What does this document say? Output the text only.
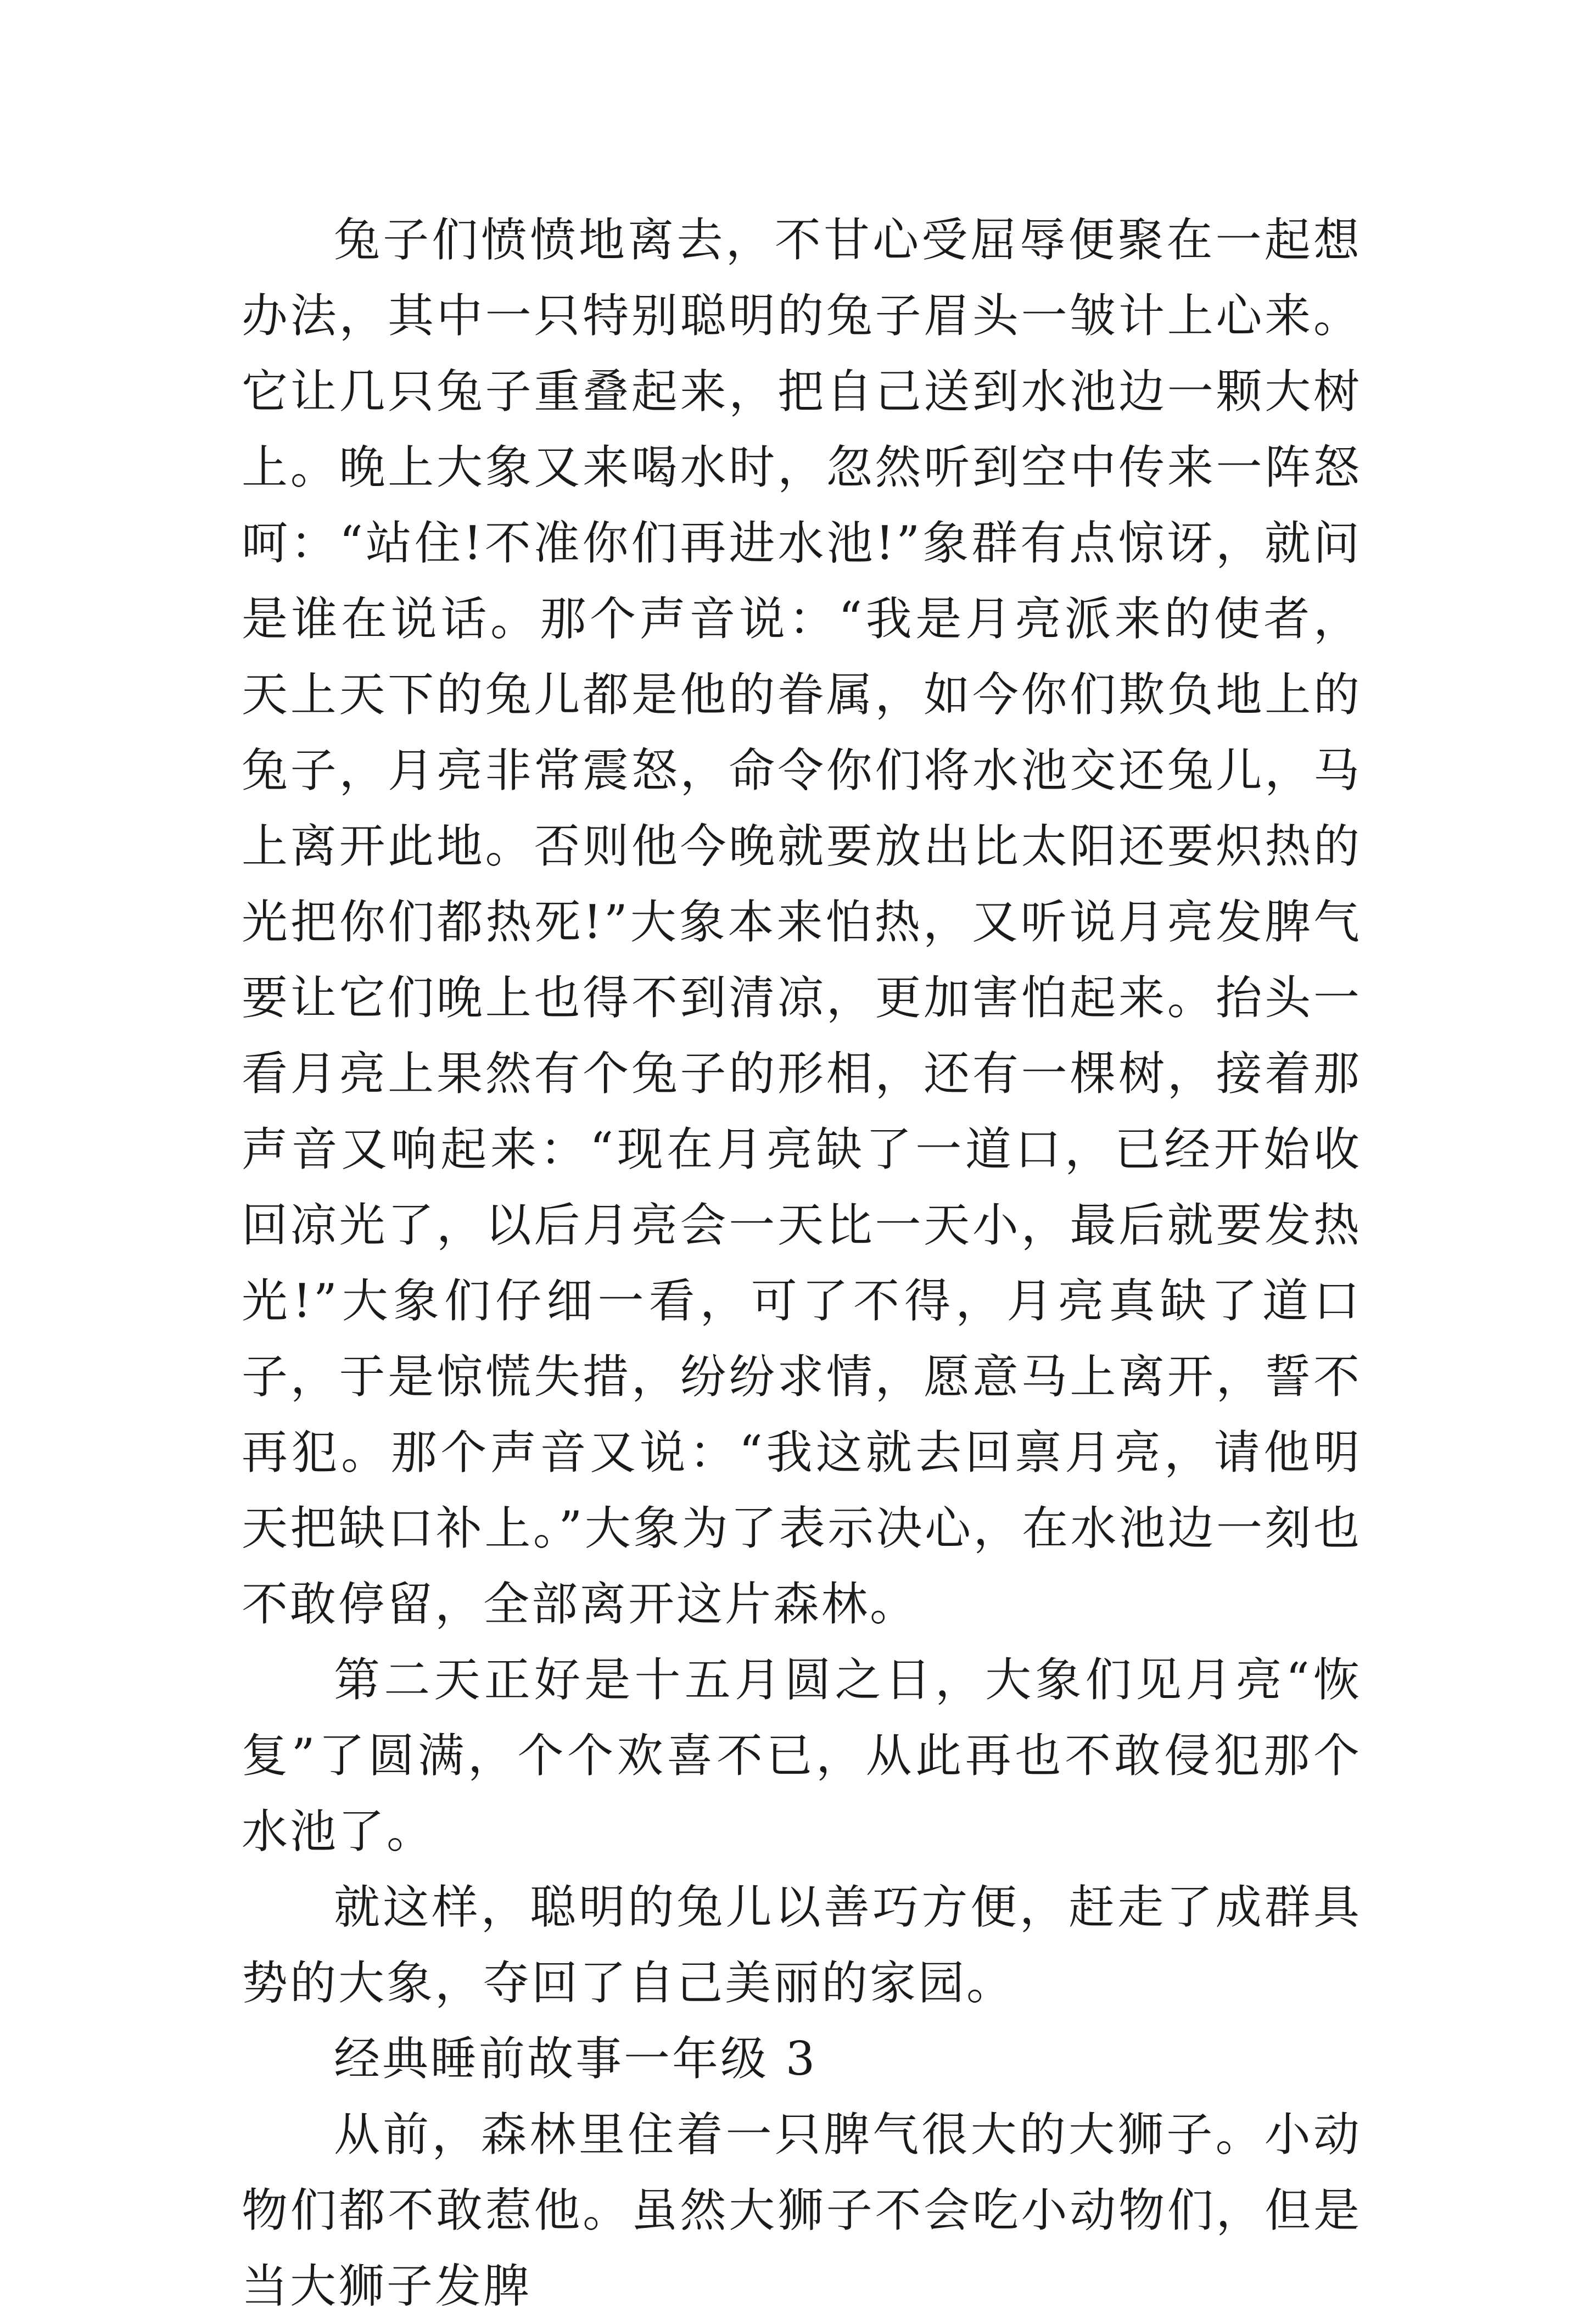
兔子们愤愤地离去，不甘心受屈辱便聚在一起想办法，其中一只特别聪明的兔子眉头一皱计上心来。它让几只兔子重叠起来，把自己送到水池边一颗大树上。晚上大象又来喝水时，忽然听到空中传来一阵怒呵：“站住!不准你们再进水池!”象群有点惊讶，就问是谁在说话。那个声音说：“我是月亮派来的使者，天上天下的兔儿都是他的眷属，如今你们欺负地上的兔子，月亮非常震怒，命令你们将水池交还兔儿，马上离开此地。否则他今晚就要放出比太阳还要炽热的光把你们都热死!”大象本来怕热，又听说月亮发脾气要让它们晚上也得不到清凉，更加害怕起来。抬头一看月亮上果然有个兔子的形相，还有一棵树，接着那声音又响起来：“现在月亮缺了一道口，已经开始收回凉光了，以后月亮会一天比一天小，最后就要发热光!”大象们仔细一看，可了不得，月亮真缺了道口子，于是惊慌失措，纷纷求情，愿意马上离开，誓不再犯。那个声音又说：“我这就去回禀月亮，请他明天把缺口补上。”大象为了表示决心，在水池边一刻也不敢停留，全部离开这片森林。

第二天正好是十五月圆之日，大象们见月亮“恢复”了圆满，个个欢喜不已，从此再也不敢侵犯那个水池了。

就这样，聪明的兔儿以善巧方便，赶走了成群具势的大象，夺回了自己美丽的家园。

经典睡前故事一年级 3

从前，森林里住着一只脾气很大的大狮子。小动物们都不敢惹他。虽然大狮子不会吃小动物们，但是当大狮子发脾
